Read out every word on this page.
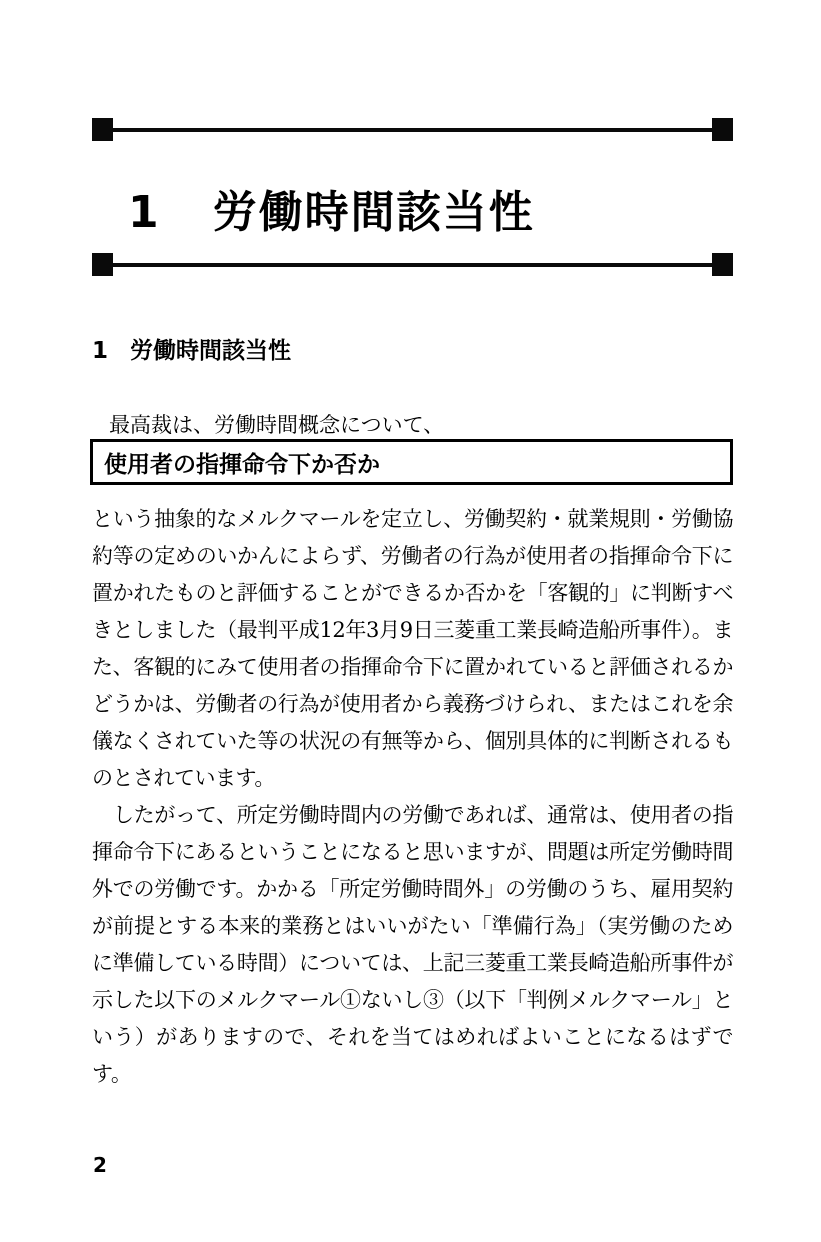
1 労働時間該当性
1 労働時間該当性

最高裁は、労働時間概念について、

使用者の指揮命令下か否か

という抽象的なメルクマールを定立し、労働契約・就業規則・労働協約等の定めのいかんによらず、労働者の行為が使用者の指揮命令下に置かれたものと評価することができるか否かを「客観的」に判断すべきとしました（最判平成12年3月9日三菱重工業長崎造船所事件）。また、客観的にみて使用者の指揮命令下に置かれていると評価されるかどうかは、労働者の行為が使用者から義務づけられ、またはこれを余儀なくされていた等の状況の有無等から、個別具体的に判断されるものとされています。

したがって、所定労働時間内の労働であれば、通常は、使用者の指揮命令下にあるということになると思いますが、問題は所定労働時間外での労働です。かかる「所定労働時間外」の労働のうち、雇用契約が前提とする本来的業務とはいいがたい「準備行為」（実労働のために準備している時間）については、上記三菱重工業長崎造船所事件が示した以下のメルクマール①ないし③（以下「判例メルクマール」という）がありますので、それを当てはめればよいことになるはずです。

2
